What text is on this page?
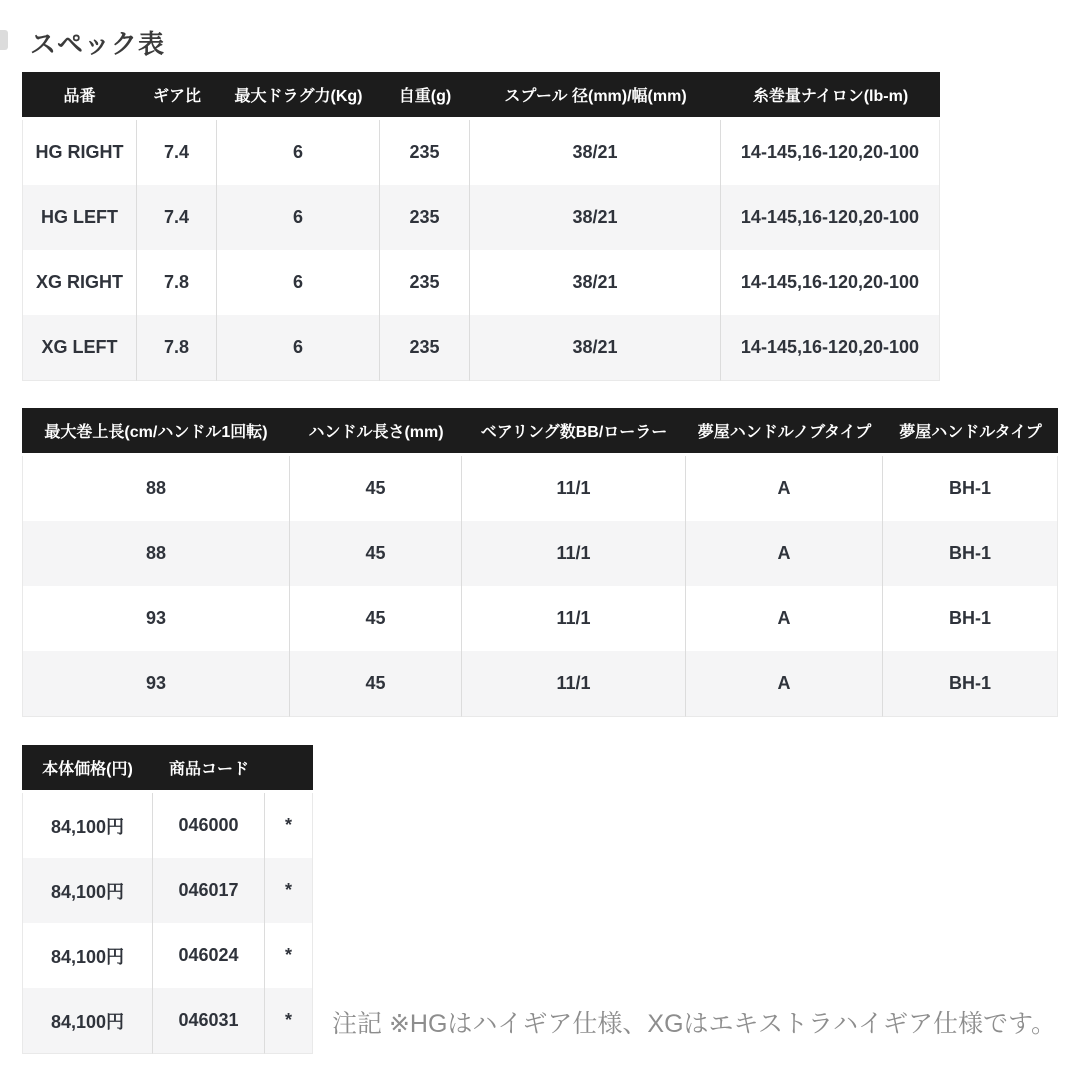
スペック表
品番	ギア比	最大ドラグ力(Kg)	自重(g)	スプール 径(mm)/幅(mm)	糸巻量ナイロン(lb-m)
HG RIGHT	7.4	6	235	38/21	14-145,16-120,20-100
HG LEFT	7.4	6	235	38/21	14-145,16-120,20-100
XG RIGHT	7.8	6	235	38/21	14-145,16-120,20-100
XG LEFT	7.8	6	235	38/21	14-145,16-120,20-100
最大巻上長(cm/ハンドル1回転)	ハンドル長さ(mm)	ベアリング数BB/ローラー	夢屋ハンドルノブタイプ	夢屋ハンドルタイプ
88	45	11/1	A	BH-1
88	45	11/1	A	BH-1
93	45	11/1	A	BH-1
93	45	11/1	A	BH-1
本体価格(円)	商品コード	
84,100円	046000	*
84,100円	046017	*
84,100円	046024	*
84,100円	046031	* 注記 ※HGはハイギア仕様、XGはエキストラハイギア仕様です。
